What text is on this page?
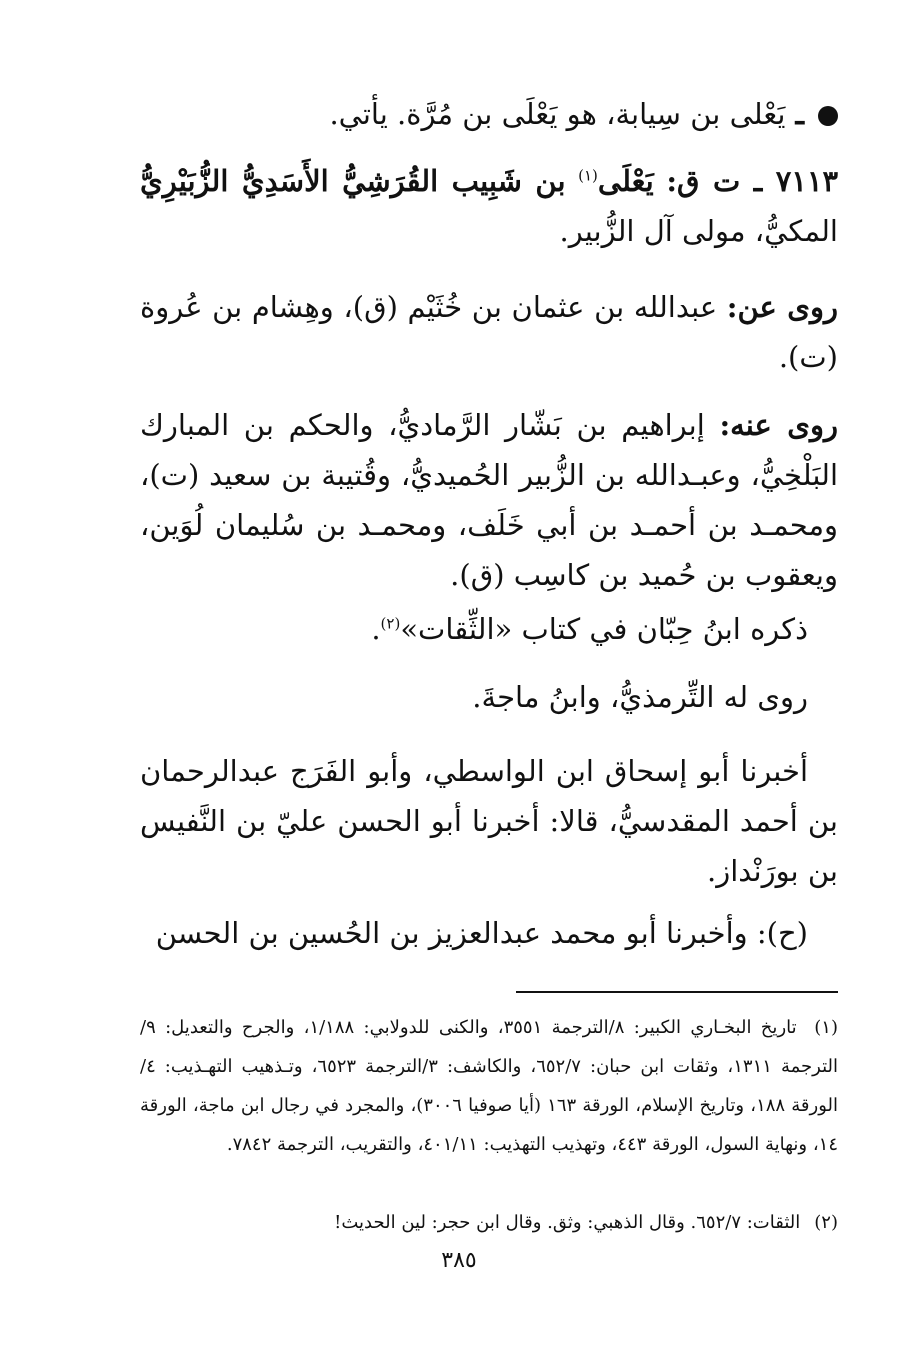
ـ يَعْلى بن سِيابة، هو يَعْلَى بن مُرَّة. يأتي.
٧١١٣ ـ ت ق: يَعْلَى$^{(١)}$ بن شَبِيب القُرَشِيُّ الأَسَدِيُّ الزُّبَيْرِيُّ المكيُّ، مولى آل الزُّبير.
روى عن: عبدالله بن عثمان بن خُثَيْم (ق)، وهِشام بن عُروة (ت).
روى عنه: إبراهيم بن بَشّار الرَّماديُّ، والحكم بن المبارك البَلْخِيُّ، وعبـدالله بن الزُّبير الحُميديُّ، وقُتيبة بن سعيد (ت)، ومحمـد بن أحمـد بن أبي خَلَف، ومحمـد بن سُليمان لُوَين، ويعقوب بن حُميد بن كاسِب (ق).
ذكره ابنُ حِبّان في كتاب «الثِّقات»$^{(٢)}$.
روى له التِّرمذيُّ، وابنُ ماجةَ.
أخبرنا أبو إسحاق ابن الواسطي، وأبو الفَرَج عبدالرحمان بن أحمد المقدسيُّ، قالا: أخبرنا أبو الحسن عليّ بن النَّفيس بن بورَنْداز.
(ح): وأخبرنا أبو محمد عبدالعزيز بن الحُسين بن الحسن
(١) تاريخ البخـاري الكبير: ٨/الترجمة ٣٥٥١، والكنى للدولابي: ١/١٨٨، والجرح والتعديل: ٩/الترجمة ١٣١١، وثقات ابن حبان: ٦٥٢/٧، والكاشف: ٣/الترجمة ٦٥٢٣، وتـذهيب التهـذيب: ٤/الورقة ١٨٨، وتاريخ الإسلام، الورقة ١٦٣ (أيا صوفيا ٣٠٠٦)، والمجرد في رجال ابن ماجة، الورقة ١٤، ونهاية السول، الورقة ٤٤٣، وتهذيب التهذيب: ٤٠١/١١، والتقريب، الترجمة ٧٨٤٢.
(٢) الثقات: ٦٥٢/٧. وقال الذهبي: وثق. وقال ابن حجر: لين الحديث!
٣٨٥
